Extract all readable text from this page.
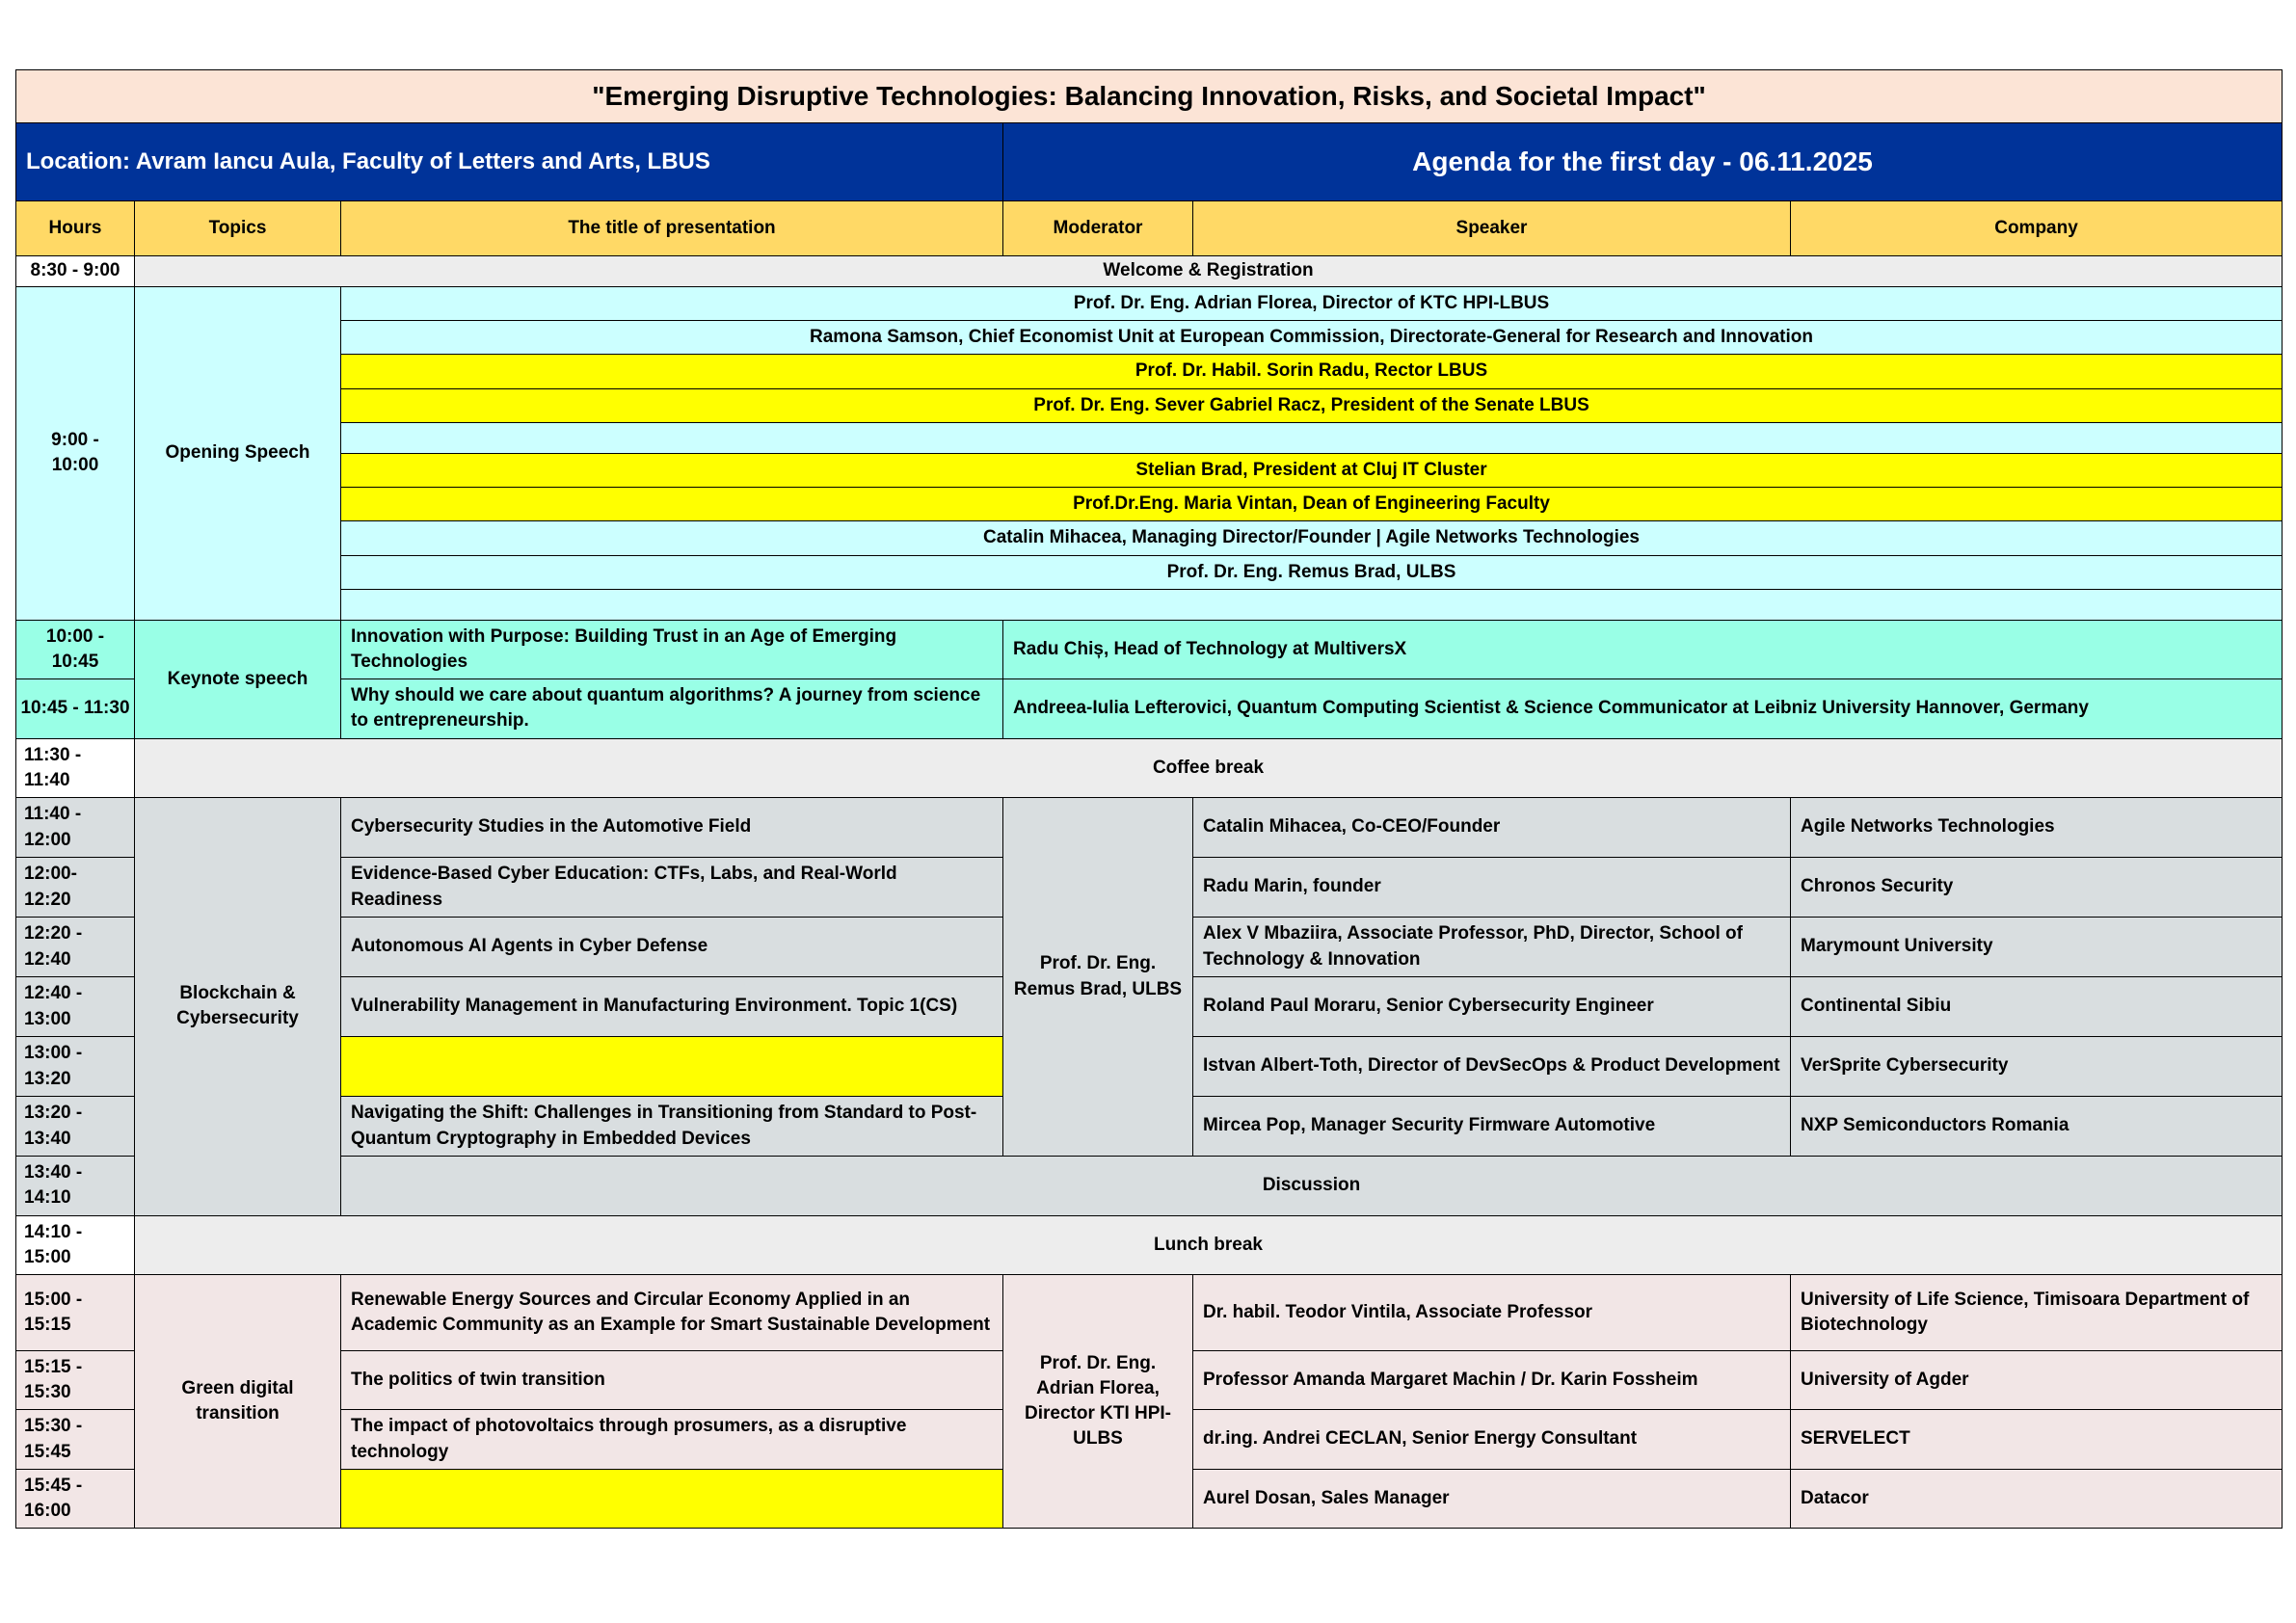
"Emerging Disruptive Technologies: Balancing Innovation, Risks, and Societal Impact"					
Location: Avram Iancu Aula, Faculty of Letters and Arts, LBUS			Agenda for the first day - 06.11.2025		
Hours	Topics	The title of presentation	Moderator	Speaker	Company
8:30 - 9:00	Welcome & Registration				
9:00 - 10:00	Opening Speech	Prof. Dr. Eng. Adrian Florea, Director of KTC HPI-LBUS			
		Ramona Samson, Chief Economist Unit at European Commission, Directorate-General for Research and Innovation			
		Prof. Dr. Habil. Sorin Radu, Rector LBUS			
		Prof. Dr. Eng. Sever Gabriel Racz, President of the Senate LBUS			

		Stelian Brad, President at Cluj IT Cluster			
		Prof.Dr.Eng. Maria Vintan, Dean of Engineering Faculty			
		Catalin Mihacea, Managing Director/Founder | Agile Networks Technologies			
		Prof. Dr. Eng. Remus Brad, ULBS			

10:00 - 10:45	Keynote speech	Innovation with Purpose: Building Trust in an Age of Emerging Technologies	Radu Chiș, Head of Technology at MultiversX		
10:45 - 11:30		Why should we care about quantum algorithms? A journey from science to entrepreneurship.	Andreea-Iulia Lefterovici, Quantum Computing Scientist & Science Communicator at Leibniz University Hannover, Germany		
11:30 - 11:40	Coffee break				
11:40 - 12:00	Blockchain & Cybersecurity	Cybersecurity Studies in the Automotive Field	Prof. Dr. Eng. Remus Brad, ULBS	Catalin Mihacea, Co-CEO/Founder	Agile Networks Technologies
12:00- 12:20		Evidence-Based Cyber Education: CTFs, Labs, and Real-World Readiness		Radu Marin, founder	Chronos Security
12:20 - 12:40		Autonomous AI Agents in Cyber Defense		Alex V Mbaziira, Associate Professor, PhD, Director, School of Technology & Innovation	Marymount University
12:40 - 13:00		Vulnerability Management in Manufacturing Environment. Topic 1(CS)		Roland Paul Moraru, Senior Cybersecurity Engineer	Continental Sibiu
13:00 - 13:20				Istvan Albert-Toth, Director of DevSecOps & Product Development	VerSprite Cybersecurity
13:20 - 13:40		Navigating the Shift: Challenges in Transitioning from Standard to Post-Quantum Cryptography in Embedded Devices		Mircea Pop, Manager Security Firmware Automotive	NXP Semiconductors Romania
13:40 - 14:10		Discussion			
14:10 - 15:00	Lunch break				
15:00 - 15:15	Green digital transition	Renewable Energy Sources and Circular Economy Applied in an Academic Community as an Example for Smart Sustainable Development	Prof. Dr. Eng. Adrian Florea, Director KTI HPI-ULBS	Dr. habil. Teodor Vintila, Associate Professor	University of Life Science, Timisoara Department of Biotechnology
15:15 - 15:30		The politics of twin transition		Professor Amanda Margaret Machin / Dr. Karin Fossheim	University of Agder
15:30 - 15:45		The impact of photovoltaics through prosumers, as a disruptive technology		dr.ing. Andrei CECLAN, Senior Energy Consultant	SERVELECT
15:45 - 16:00				Aurel Dosan, Sales Manager	Datacor
